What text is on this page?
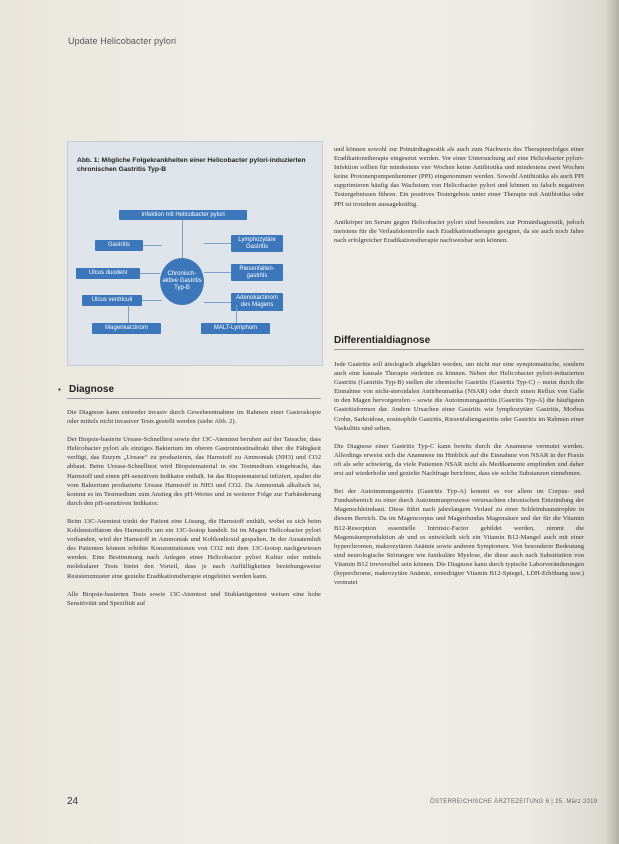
Update Helicobacter pylori
Abb. 1: Mögliche Folgekrankheiten einer Helicobacter pylori-induzierten chronischen Gastritis Typ-B
Infektion mit Helicobacter pylori
Chronisch-aktive Gastritis Typ-B
Gastritis
Ulcus duodeni
Ulcus ventriculi
Lymphozytäre Gastritis
Riesenfalten-gastritis
Adenokarzinom des Magens
Magenkarzinom	MALT-Lymphom
▪ Diagnose

Die Diagnose kann entweder invasiv durch Gewebeentnahme im Rahmen einer Gastroskopie oder mittels nicht invasiver Tests gestellt werden (siehe Abb. 2).

Der Biopsie-basierte Urease-Schnelltest sowie der 13C-Atemtest beruhen auf der Tatsache, dass Helicobacter pylori als einziges Bakterium im oberen Gastrointestinaltrakt über die Fähigkeit verfügt, das Enzym „Urease“ zu produzieren, das Harnstoff zu Ammoniak (NH3) und CO2 abbaut. Beim Urease-Schnelltest wird Biopsiematerial in ein Testmedium eingebracht, das Harnstoff und einen pH-sensitiven Indikator enthält. Ist das Biopsiematerial infiziert, spaltet die vom Bakterium produzierte Urease Harnstoff in NH3 und CO2. Da Ammoniak alkalisch ist, kommt es im Testmedium zum Anstieg des pH-Wertes und in weiterer Folge zur Farbänderung durch den pH-sensitiven Indikator.

Beim 13C-Atemtest trinkt der Patient eine Lösung, die Harnstoff enthält, wobei es sich beim Kohlenstoffatom des Harnstoffs um ein 13C-Isotop handelt. Ist im Magen Helicobacter pylori vorhanden, wird der Harnstoff in Ammoniak und Kohlendioxid gespalten. In der Ausatemluft des Patienten können erhöhte Konzentrationen von CO2 mit dem 13C-Isotop nachgewiesen werden. Eine Bestimmung nach Anlegen einer Helicobacter pylori Kultur oder mittels molekularer Tests bietet den Vorteil, dass je nach Auffälligkeiten beziehungsweise Resistenzmuster eine gezielte Eradikationstherapie eingeleitet werden kann.

Alle Biopsie-basierten Tests sowie 13C-Atemtest und Stuhlantigentest weisen eine hohe Sensitivität und Spezifität auf

und können sowohl zur Primärdiagnostik als auch zum Nachweis des Therapieerfolges einer Eradikationstherapie eingesetzt werden. Vor einer Untersuchung auf eine Helicobacter pylori-Infektion sollten für mindestens vier Wochen keine Antibiotika und mindestens zwei Wochen keine Protonenpumpenhemmer (PPI) eingenommen werden. Sowohl Antibiotika als auch PPI supprimieren häufig das Wachstum von Helicobacter pylori und können zu falsch negativen Testergebnissen führen. Ein positives Testergebnis unter einer Therapie mit Antibiotika oder PPI ist trotzdem aussagekräftig.

Antikörper im Serum gegen Helicobacter pylori sind besonders zur Primärdiagnostik, jedoch meistens für die Verlaufskontrolle nach Eradikationstherapie geeignet, da sie auch noch Jahre nach erfolgreicher Eradikationstherapie nachweisbar sein können.

Differentialdiagnose

Jede Gastritis soll ätiologisch abgeklärt werden, um nicht nur eine symptomatische, sondern auch eine kausale Therapie einleiten zu können. Neben der Helicobacter pylori-induzierten Gastritis (Gastritis Typ-B) stellen die chemische Gastritis (Gastritis Typ-C) – meist durch die Einnahme von nicht-steroidalen Antirheumatika (NSAR) oder durch einen Reflux von Galle in den Magen hervorgerufen – sowie die Autoimmungastritis (Gastritis Typ-A) die häufigsten Gastritisformen dar. Andere Ursachen einer Gastritis wie lymphozytäre Gastritis, Morbus Crohn, Sarkoidose, eosinophile Gastritis, Riesenfaltengastritis oder Gastritis im Rahmen einer Vaskulitis sind selten.

Die Diagnose einer Gastritis Typ-C kann bereits durch die Anamnese vermutet werden. Allerdings erweist sich die Anamnese im Hinblick auf die Einnahme von NSAR in der Praxis oft als sehr schwierig, da viele Patienten NSAR nicht als Medikamente empfinden und daher erst auf wiederholte und gezielte Nachfrage berichten, dass sie solche Substanzen einnehmen.

Bei der Autoimmungastritis (Gastritis Typ-A) kommt es vor allem im Corpus- und Fundusbereich zu einer durch Autoimmunprozesse verursachten chronischen Entzündung der Magenschleimhaut. Diese führt nach jahrelangem Verlauf zu einer Schleimhautatrophie in diesem Bereich. Da im Magencorpus und Magenfundus Magensäure und der für die Vitamin B12-Resorption essentielle Intrinsic-Factor gebildet werden, nimmt die Magensäureproduktion ab und es entwickelt sich ein Vitamin B12-Mangel auch mit einer hyperchromen, makrozytären Anämie sowie anderen Symptomen. Von besonderer Bedeutung sind neurologische Störungen wie funikuläre Myelose, die diese auch nach Substitution von Vitamin B12 irreversibel sein können. Die Diagnose kann durch typische Laborveränderungen (hyperchrome, makrozytäre Anämie, erniedrigter Vitamin B12-Spiegel, LDH-Erhöhung usw.) vermutet

24	ÖSTERREICHISCHE ÄRZTEZEITUNG 6 | 25. März 2019
